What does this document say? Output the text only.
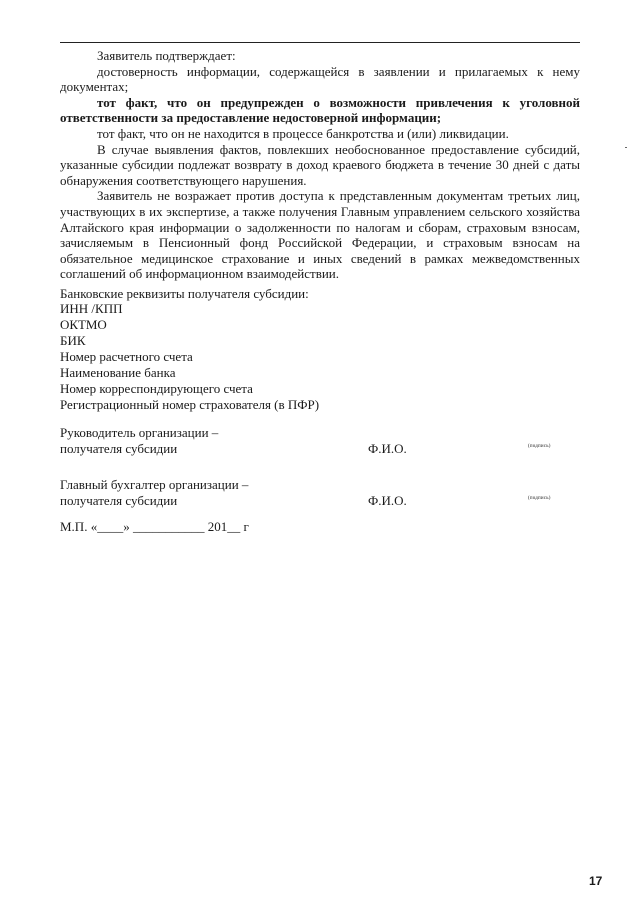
Заявитель подтверждает:

достоверность информации, содержащейся в заявлении и прилагаемых к нему документах;

тот факт, что он предупрежден о возможности привлечения к уголовной ответственности за предоставление недостоверной информации;

тот факт, что он не находится в процессе банкротства и (или) ликвидации.

В случае выявления фактов, повлекших необоснованное предоставление субсидий, указанные субсидии подлежат возврату в доход краевого бюджета в течение 30 дней с даты обнаружения соответствующего нарушения.

Заявитель не возражает против доступа к представленным документам третьих лиц, участвующих в их экспертизе, а также получения Главным управлением сельского хозяйства Алтайского края информации о задолженности по налогам и сборам, страховым взносам, зачисляемым в Пенсионный фонд Российской Федерации, и страховым взносам на обязательное медицинское страхование и иных сведений в рамках межведомственных соглашений об информационном взаимодействии.

Банковские реквизиты получателя субсидии:
ИНН /КПП
ОКТМО
БИК
Номер расчетного счета
Наименование банка
Номер корреспондирующего счета
Регистрационный номер страхователя (в ПФР)
Руководитель организации –
получателя субсидии	Ф.И.О.	(подпись)
Главный бухгалтер организации –
получателя субсидии	Ф.И.О.	(подпись)
М.П. «____» ___________ 201__ г
17
